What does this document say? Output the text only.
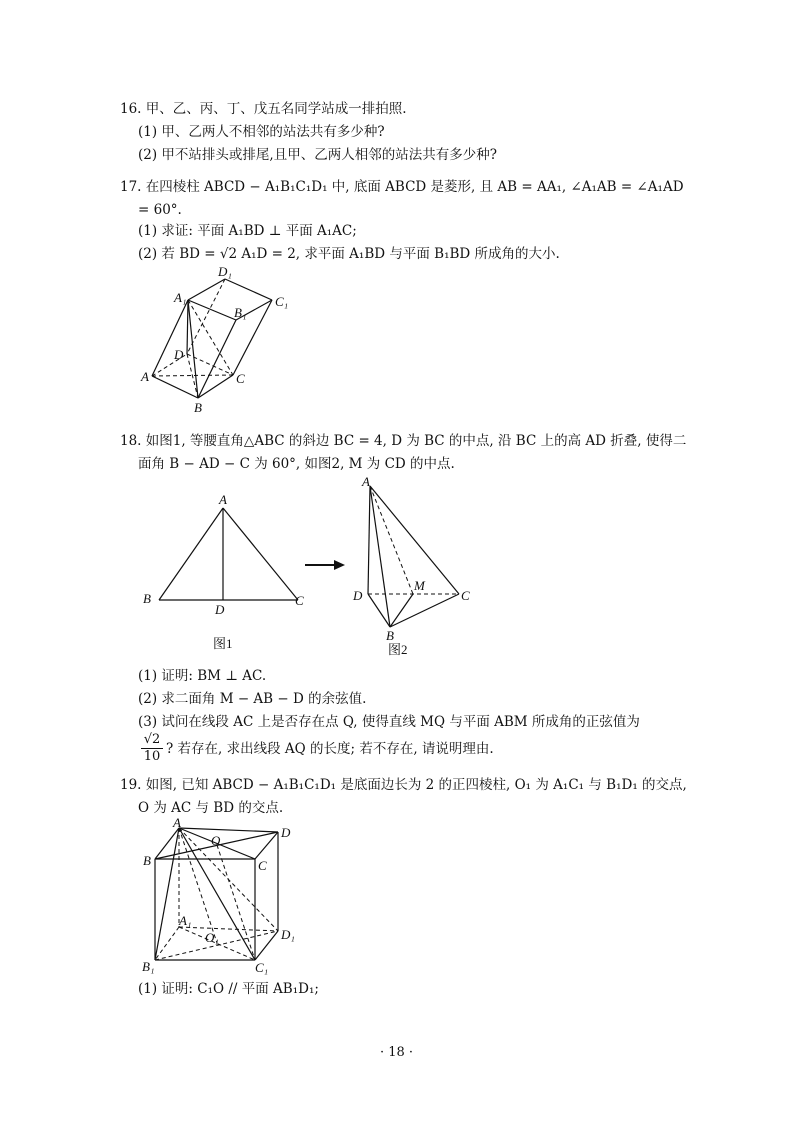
16. 甲、乙、丙、丁、戊五名同学站成一排拍照.
(1) 甲、乙两人不相邻的站法共有多少种?
(2) 甲不站排头或排尾,且甲、乙两人相邻的站法共有多少种?
17. 在四棱柱 ABCD − A₁B₁C₁D₁ 中, 底面 ABCD 是菱形, 且 AB = AA₁, ∠A₁AB = ∠A₁AD
= 60°.
(1) 求证: 平面 A₁BD ⊥ 平面 A₁AC;
(2) 若 BD = √2 A₁D = 2, 求平面 A₁BD 与平面 B₁BD 所成角的大小.
D₁
A₁
B₁
C₁
D
A	C
B
18. 如图1, 等腰直角△ABC 的斜边 BC = 4, D 为 BC 的中点, 沿 BC 上的高 AD 折叠, 使得二
面角 B − AD − C 为 60°, 如图2, M 为 CD 的中点.
A
B
D
C
图1
A
D
M
C
B
图2
(1) 证明: BM ⊥ AC.
(2) 求二面角 M − AB − D 的余弦值.
(3) 试问在线段 AC 上是否存在点 Q, 使得直线 MQ 与平面 ABM 所成角的正弦值为
$\frac{√2}{10}$ ? 若存在, 求出线段 AQ 的长度; 若不存在, 请说明理由.
19. 如图, 已知 ABCD − A₁B₁C₁D₁ 是底面边长为 2 的正四棱柱, O₁ 为 A₁C₁ 与 B₁D₁ 的交点,
O 为 AC 与 BD 的交点.
A
O
D
B	C
A₁
O₁	D₁
B₁	C₁
(1) 证明: C₁O // 平面 AB₁D₁;
· 18 ·
